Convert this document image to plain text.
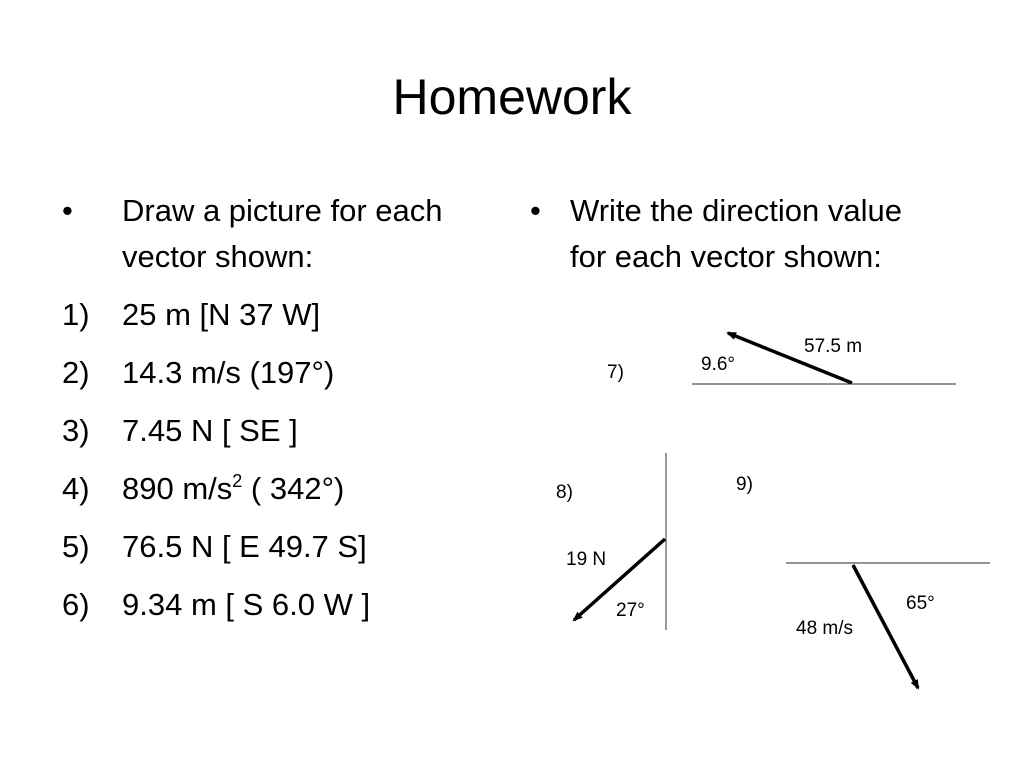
Homework
• Draw a picture for each vector shown:
1)	25 m [N 37 W]
2)	14.3 m/s (197°)
3)	7.45 N [ SE ]
4)	890 $m/s^2$ ( 342°)
5)	76.5 N [ E 49.7 S]
6)	9.34 m [ S 6.0 W ]
• Write the direction value for each vector shown:
7)
57.5 m
9.6°
8)
19 N
27°
9)
48 m/s
65°
